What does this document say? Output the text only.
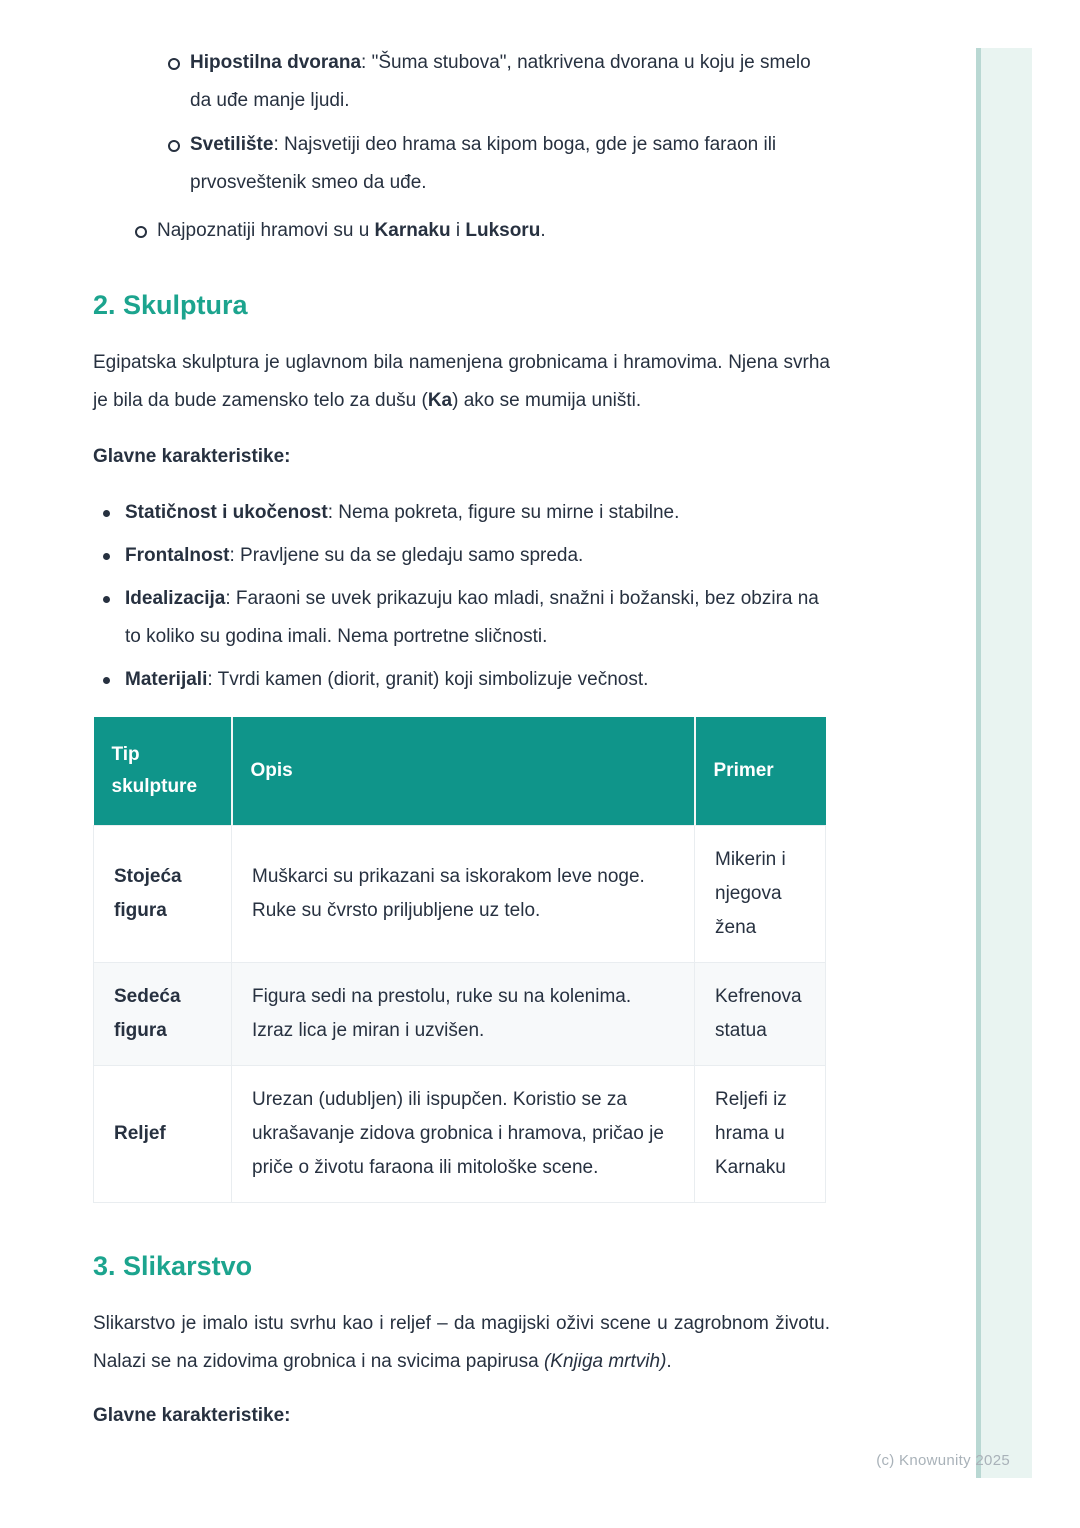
(c) Knowunity 2025
Hipostilna dvorana: "Šuma stubova", natkrivena dvorana u koju je smelo da uđe manje ljudi.
Svetilište: Najsvetiji deo hrama sa kipom boga, gde je samo faraon ili prvosveštenik smeo da uđe.
Najpoznatiji hramovi su u Karnaku i Luksoru.
2. Skulptura

Egipatska skulptura je uglavnom bila namenjena grobnicama i hramovima. Njena svrha je bila da bude zamensko telo za dušu (Ka) ako se mumija uništi.

Glavne karakteristike:

Statičnost i ukočenost: Nema pokreta, figure su mirne i stabilne.
Frontalnost: Pravljene su da se gledaju samo spreda.
Idealizacija: Faraoni se uvek prikazuju kao mladi, snažni i božanski, bez obzira na to koliko su godina imali. Nema portretne sličnosti.
Materijali: Tvrdi kamen (diorit, granit) koji simbolizuje večnost.
Tip skulpture	Opis	Primer
Stojeća figura	Muškarci su prikazani sa iskorakom leve noge. Ruke su čvrsto priljubljene uz telo.	Mikerin i njegova žena
Sedeća figura	Figura sedi na prestolu, ruke su na kolenima. Izraz lica je miran i uzvišen.	Kefrenova statua
Reljef	Urezan (udubljen) ili ispupčen. Koristio se za ukrašavanje zidova grobnica i hramova, pričao je priče o životu faraona ili mitološke scene.	Reljefi iz hrama u Karnaku
3. Slikarstvo

Slikarstvo je imalo istu svrhu kao i reljef – da magijski oživi scene u zagrobnom životu. Nalazi se na zidovima grobnica i na svicima papirusa (Knjiga mrtvih).

Glavne karakteristike:
